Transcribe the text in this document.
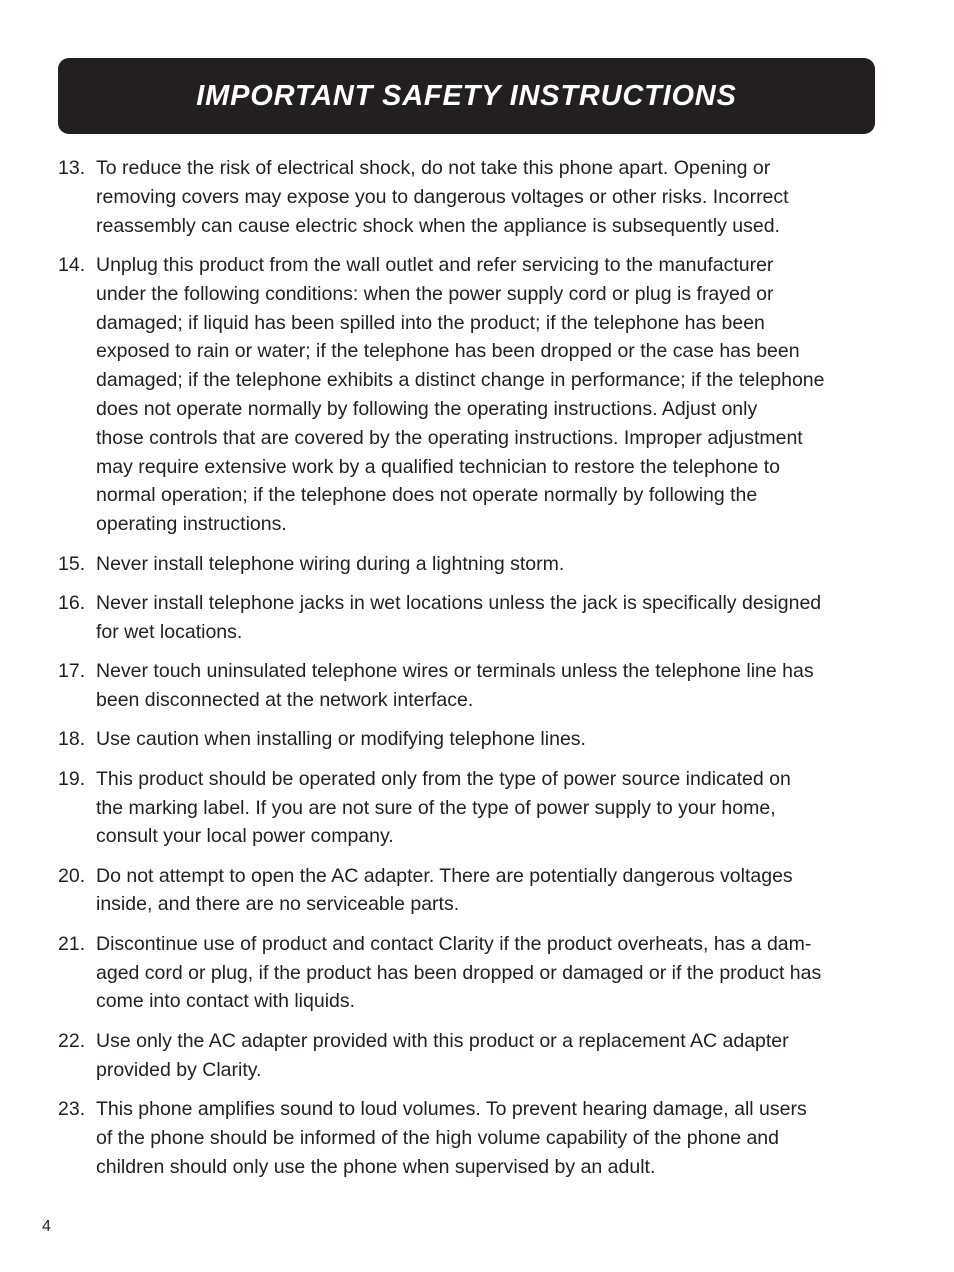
IMPORTANT SAFETY INSTRUCTIONS
13. To reduce the risk of electrical shock, do not take this phone apart. Opening or
removing covers may expose you to dangerous voltages or other risks. Incorrect
reassembly can cause electric shock when the appliance is subsequently used.
14. Unplug this product from the wall outlet and refer servicing to the manufacturer
under the following conditions: when the power supply cord or plug is frayed or
damaged; if liquid has been spilled into the product; if the telephone has been
exposed to rain or water; if the telephone has been dropped or the case has been
damaged; if the telephone exhibits a distinct change in performance; if the telephone
does not operate normally by following the operating instructions. Adjust only
those controls that are covered by the operating instructions. Improper adjustment
may require extensive work by a qualified technician to restore the telephone to
normal operation; if the telephone does not operate normally by following the
operating instructions.
15. Never install telephone wiring during a lightning storm.
16. Never install telephone jacks in wet locations unless the jack is specifically designed
for wet locations.
17. Never touch uninsulated telephone wires or terminals unless the telephone line has
been disconnected at the network interface.
18. Use caution when installing or modifying telephone lines.
19. This product should be operated only from the type of power source indicated on
the marking label. If you are not sure of the type of power supply to your home,
consult your local power company.
20. Do not attempt to open the AC adapter. There are potentially dangerous voltages
inside, and there are no serviceable parts.
21. Discontinue use of product and contact Clarity if the product overheats, has a dam-
aged cord or plug, if the product has been dropped or damaged or if the product has
come into contact with liquids.
22. Use only the AC adapter provided with this product or a replacement AC adapter
provided by Clarity.
23. This phone amplifies sound to loud volumes. To prevent hearing damage, all users
of the phone should be informed of the high volume capability of the phone and
children should only use the phone when supervised by an adult.
4
